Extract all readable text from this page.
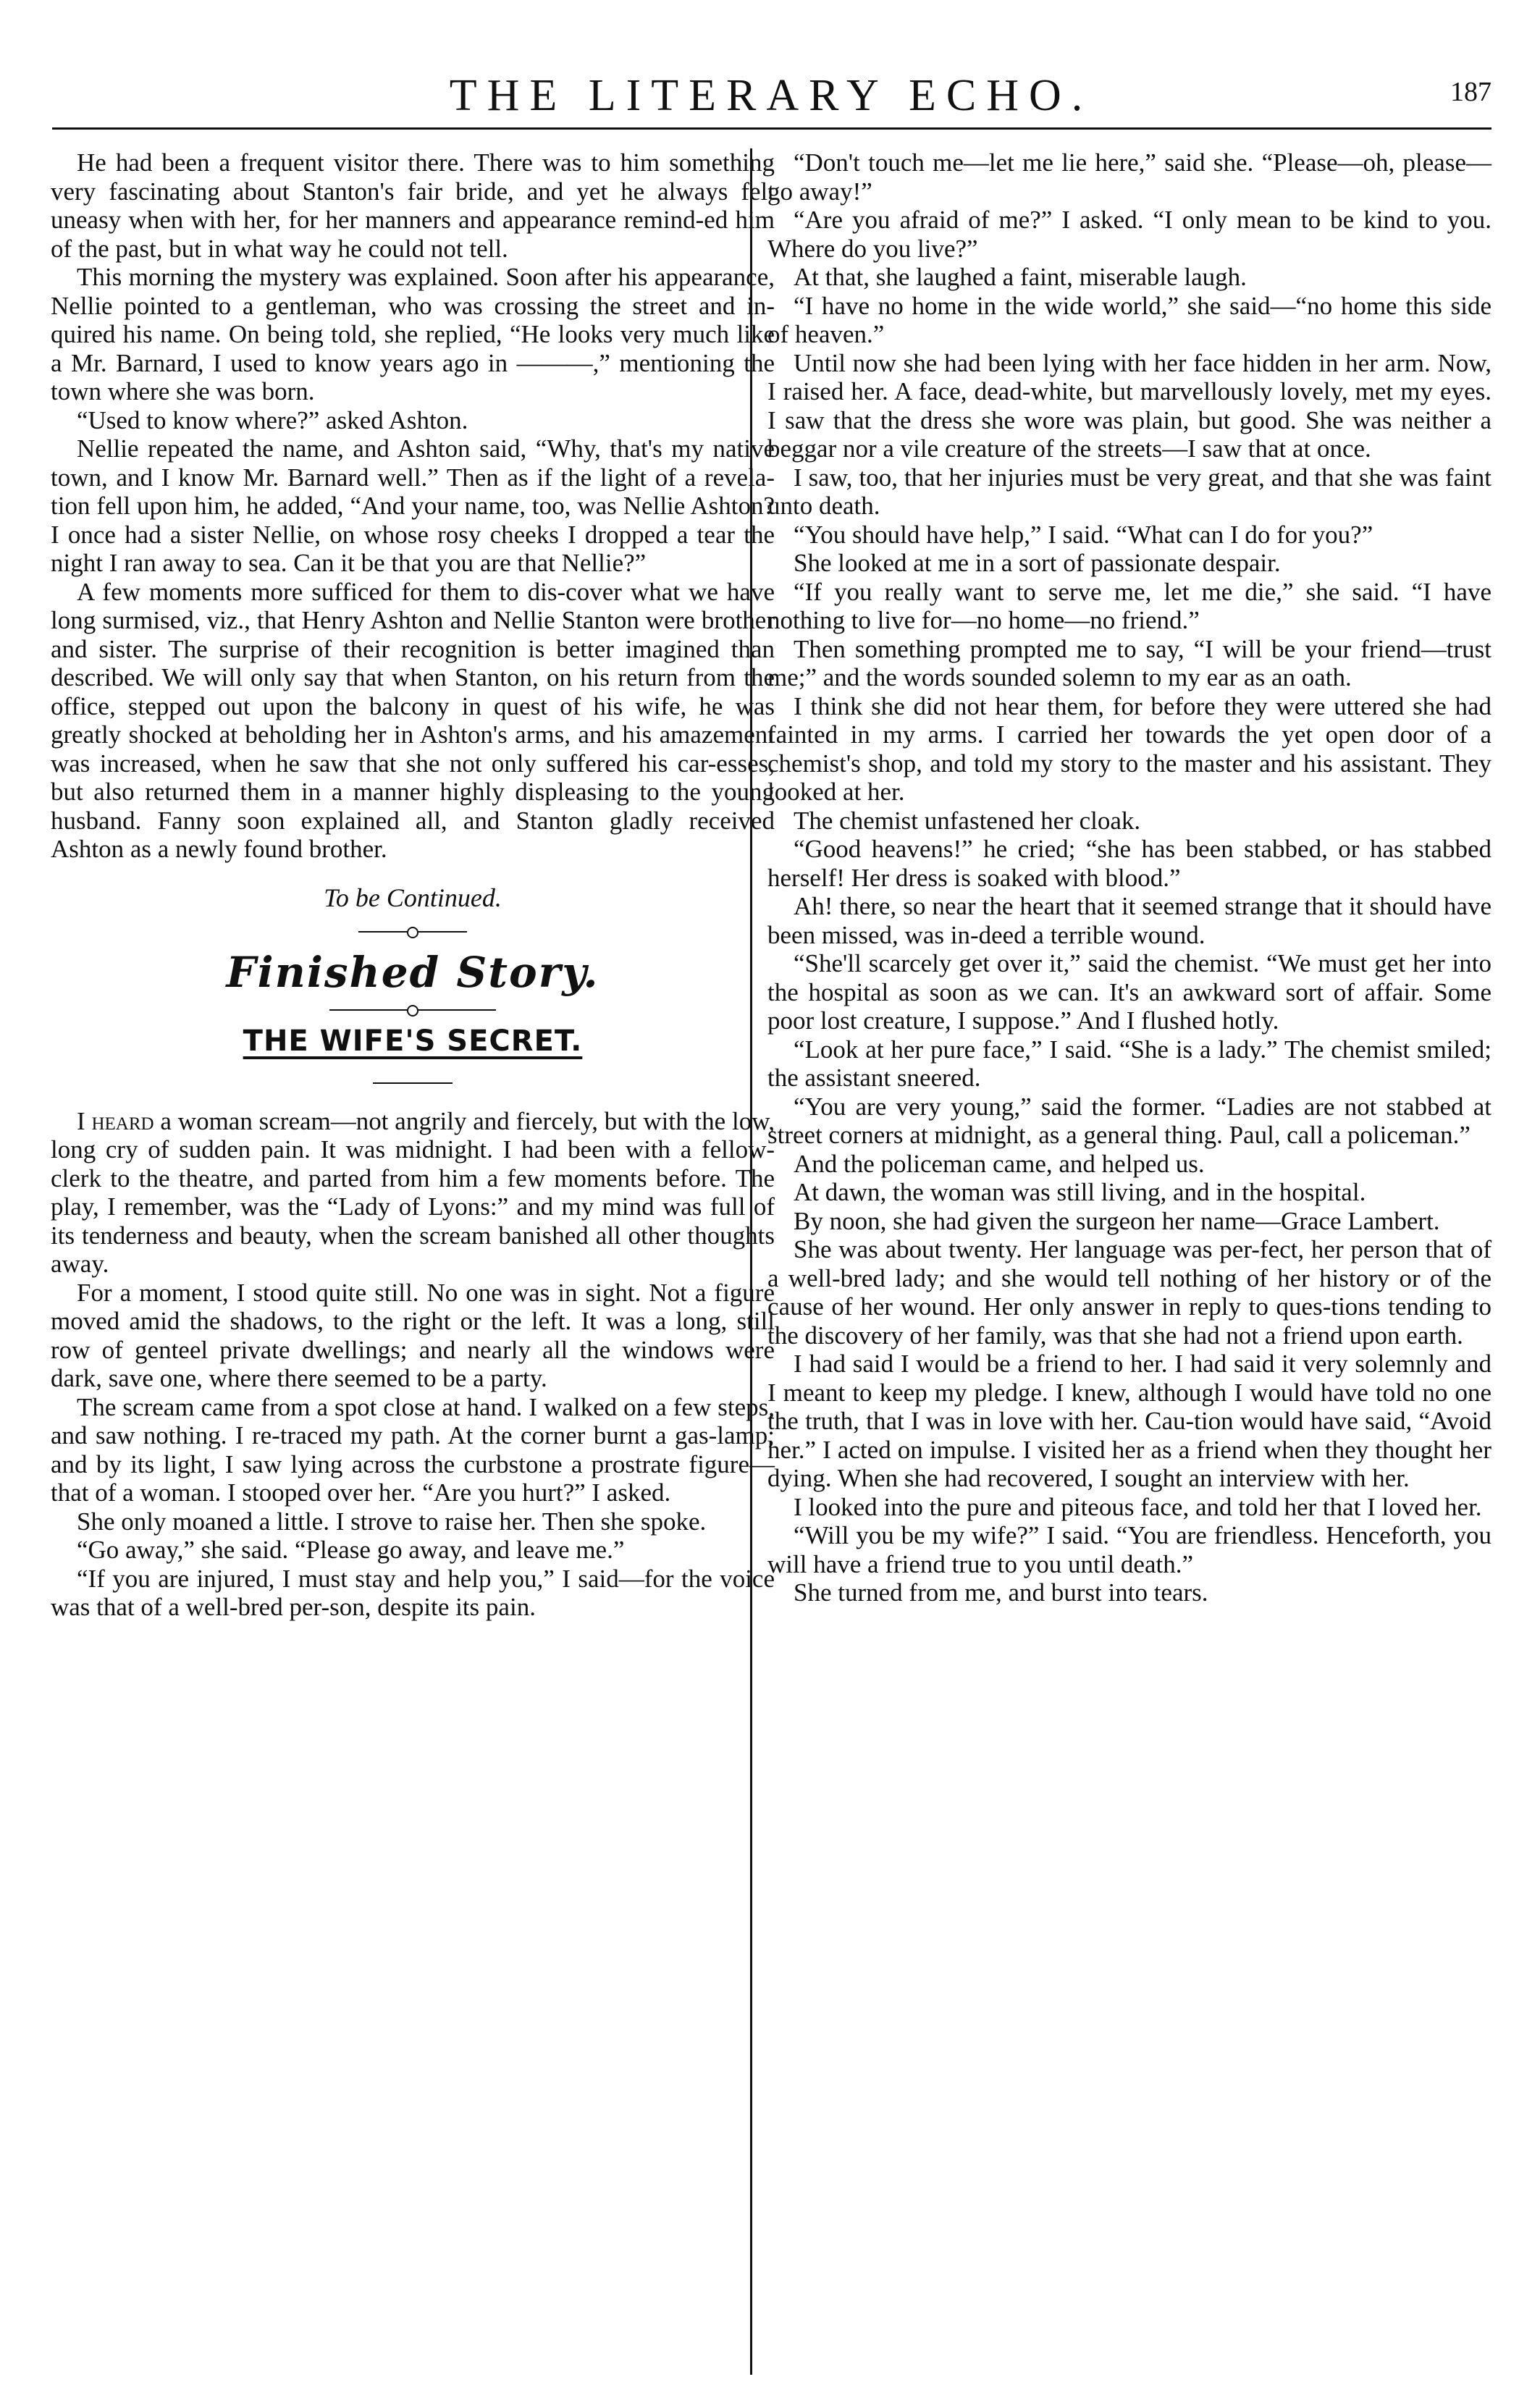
THE LITERARY ECHO.	187

He had been a frequent visitor there. There was to him something very fascinating about Stanton's fair bride, and yet he always felt uneasy when with her, for her manners and appearance remind-ed him of the past, but in what way he could not tell.

This morning the mystery was explained. Soon after his appearance, Nellie pointed to a gentleman, who was crossing the street and in-quired his name. On being told, she replied, “He looks very much like a Mr. Barnard, I used to know years ago in ———,” mentioning the town where she was born.

“Used to know where?” asked Ashton.

Nellie repeated the name, and Ashton said, “Why, that's my native town, and I know Mr. Barnard well.” Then as if the light of a revela-tion fell upon him, he added, “And your name, too, was Nellie Ashton? I once had a sister Nellie, on whose rosy cheeks I dropped a tear the night I ran away to sea. Can it be that you are that Nellie?”

A few moments more sufficed for them to dis-cover what we have long surmised, viz., that Henry Ashton and Nellie Stanton were brother and sister. The surprise of their recognition is better imagined than described. We will only say that when Stanton, on his return from the office, stepped out upon the balcony in quest of his wife, he was greatly shocked at beholding her in Ashton's arms, and his amazement was increased, when he saw that she not only suffered his car-esses, but also returned them in a manner highly displeasing to the young husband. Fanny soon explained all, and Stanton gladly received Ashton as a newly found brother.

To be Continued.
Finished Story.
THE WIFE'S SECRET.

I heard a woman scream—not angrily and fiercely, but with the low, long cry of sudden pain. It was midnight. I had been with a fellow-clerk to the theatre, and parted from him a few moments before. The play, I remember, was the “Lady of Lyons:” and my mind was full of its tenderness and beauty, when the scream banished all other thoughts away.

For a moment, I stood quite still. No one was in sight. Not a figure moved amid the shadows, to the right or the left. It was a long, still row of genteel private dwellings; and nearly all the windows were dark, save one, where there seemed to be a party.

The scream came from a spot close at hand. I walked on a few steps, and saw nothing. I re-traced my path. At the corner burnt a gas-lamp; and by its light, I saw lying across the curbstone a prostrate figure—that of a woman. I stooped over her. “Are you hurt?” I asked.

She only moaned a little. I strove to raise her. Then she spoke.

“Go away,” she said. “Please go away, and leave me.”

“If you are injured, I must stay and help you,” I said—for the voice was that of a well-bred per-son, despite its pain.

“Don't touch me—let me lie here,” said she. “Please—oh, please—go away!”

“Are you afraid of me?” I asked. “I only mean to be kind to you. Where do you live?”

At that, she laughed a faint, miserable laugh.

“I have no home in the wide world,” she said—“no home this side of heaven.”

Until now she had been lying with her face hidden in her arm. Now, I raised her. A face, dead-white, but marvellously lovely, met my eyes. I saw that the dress she wore was plain, but good. She was neither a beggar nor a vile creature of the streets—I saw that at once.

I saw, too, that her injuries must be very great, and that she was faint unto death.

“You should have help,” I said. “What can I do for you?”

She looked at me in a sort of passionate despair.

“If you really want to serve me, let me die,” she said. “I have nothing to live for—no home—no friend.”

Then something prompted me to say, “I will be your friend—trust me;” and the words sounded solemn to my ear as an oath.

I think she did not hear them, for before they were uttered she had fainted in my arms. I carried her towards the yet open door of a chemist's shop, and told my story to the master and his assistant. They looked at her.

The chemist unfastened her cloak.

“Good heavens!” he cried; “she has been stabbed, or has stabbed herself! Her dress is soaked with blood.”

Ah! there, so near the heart that it seemed strange that it should have been missed, was in-deed a terrible wound.

“She'll scarcely get over it,” said the chemist. “We must get her into the hospital as soon as we can. It's an awkward sort of affair. Some poor lost creature, I suppose.” And I flushed hotly.

“Look at her pure face,” I said. “She is a lady.” The chemist smiled; the assistant sneered.

“You are very young,” said the former. “Ladies are not stabbed at street corners at midnight, as a general thing. Paul, call a policeman.”

And the policeman came, and helped us.

At dawn, the woman was still living, and in the hospital.

By noon, she had given the surgeon her name—Grace Lambert.

She was about twenty. Her language was per-fect, her person that of a well-bred lady; and she would tell nothing of her history or of the cause of her wound. Her only answer in reply to ques-tions tending to the discovery of her family, was that she had not a friend upon earth.

I had said I would be a friend to her. I had said it very solemnly and I meant to keep my pledge. I knew, although I would have told no one the truth, that I was in love with her. Cau-tion would have said, “Avoid her.” I acted on impulse. I visited her as a friend when they thought her dying. When she had recovered, I sought an interview with her.

I looked into the pure and piteous face, and told her that I loved her.

“Will you be my wife?” I said. “You are friendless. Henceforth, you will have a friend true to you until death.”

She turned from me, and burst into tears.
